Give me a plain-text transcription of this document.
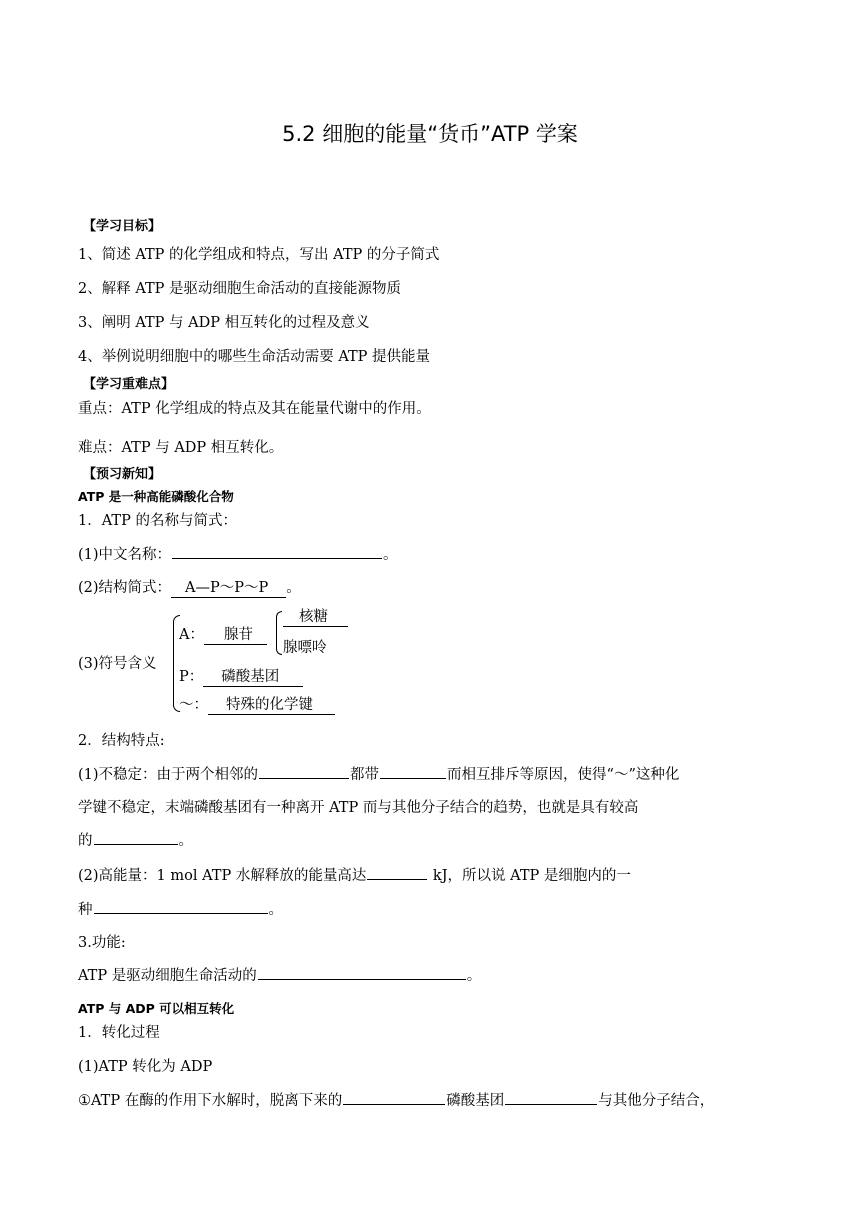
5.2 细胞的能量“货币”ATP 学案
【学习目标】
1、简述 ATP 的化学组成和特点，写出 ATP 的分子简式
2、解释 ATP 是驱动细胞生命活动的直接能源物质
3、阐明 ATP 与 ADP 相互转化的过程及意义
4、举例说明细胞中的哪些生命活动需要 ATP 提供能量
【学习重难点】
重点：ATP 化学组成的特点及其在能量代谢中的作用。
难点：ATP 与 ADP 相互转化。
【预习新知】
ATP 是一种高能磷酸化合物
1．ATP 的名称与简式：
(1)中文名称：	。
(2)结构简式： A—P～P～P 。
(3)符号含义
A： 腺苷
核糖
腺嘌呤
P： 磷酸基团
～： 特殊的化学键
2．结构特点:
(1)不稳定：由于两个相邻的	都带	而相互排斥等原因，使得“～”这种化
学键不稳定，末端磷酸基团有一种离开 ATP 而与其他分子结合的趋势，也就是具有较高
的	。
(2)高能量：1 mol ATP 水解释放的能量高达	kJ，所以说 ATP 是细胞内的一
种	。
3.功能:
ATP 是驱动细胞生命活动的	。
ATP 与 ADP 可以相互转化
1．转化过程
(1)ATP 转化为 ADP
①ATP 在酶的作用下水解时，脱离下来的	磷酸基团	与其他分子结合，
